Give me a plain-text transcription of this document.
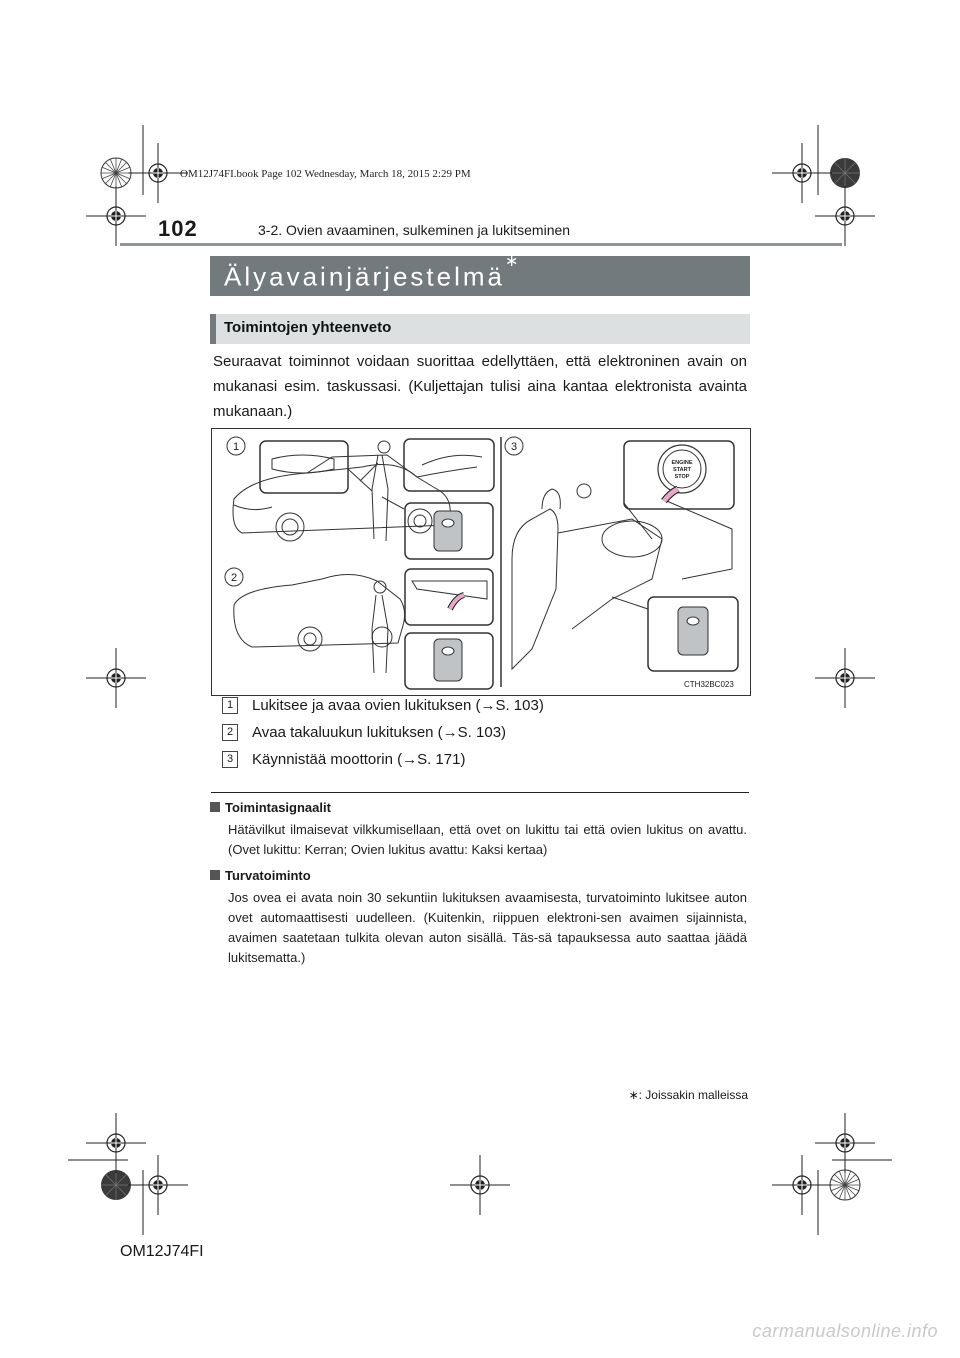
OM12J74FI.book Page 102 Wednesday, March 18, 2015 2:29 PM
102	3-2. Ovien avaaminen, sulkeminen ja lukitseminen
Älyavainjärjestelmä∗
Toimintojen yhteenveto
Seuraavat toiminnot voidaan suorittaa edellyttäen, että elektroninen avain on mukanasi esim. taskussasi. (Kuljettajan tulisi aina kantaa elektronista avainta mukanaan.)
1
2
3
ENGINE
START
STOP
CTH32BC023
1 Lukitsee ja avaa ovien lukituksen (→S. 103)
2 Avaa takaluukun lukituksen (→S. 103)
3 Käynnistää moottorin (→S. 171)
Toimintasignaalit
Hätävilkut ilmaisevat vilkkumisellaan, että ovet on lukittu tai että ovien lukitus on avattu. (Ovet lukittu: Kerran; Ovien lukitus avattu: Kaksi kertaa)
Turvatoiminto
Jos ovea ei avata noin 30 sekuntiin lukituksen avaamisesta, turvatoiminto lukitsee auton ovet automaattisesti uudelleen. (Kuitenkin, riippuen elektroni-sen avaimen sijainnista, avaimen saatetaan tulkita olevan auton sisällä. Täs-sä tapauksessa auto saattaa jäädä lukitsematta.)
∗: Joissakin malleissa
OM12J74FI
carmanualsonline.info
